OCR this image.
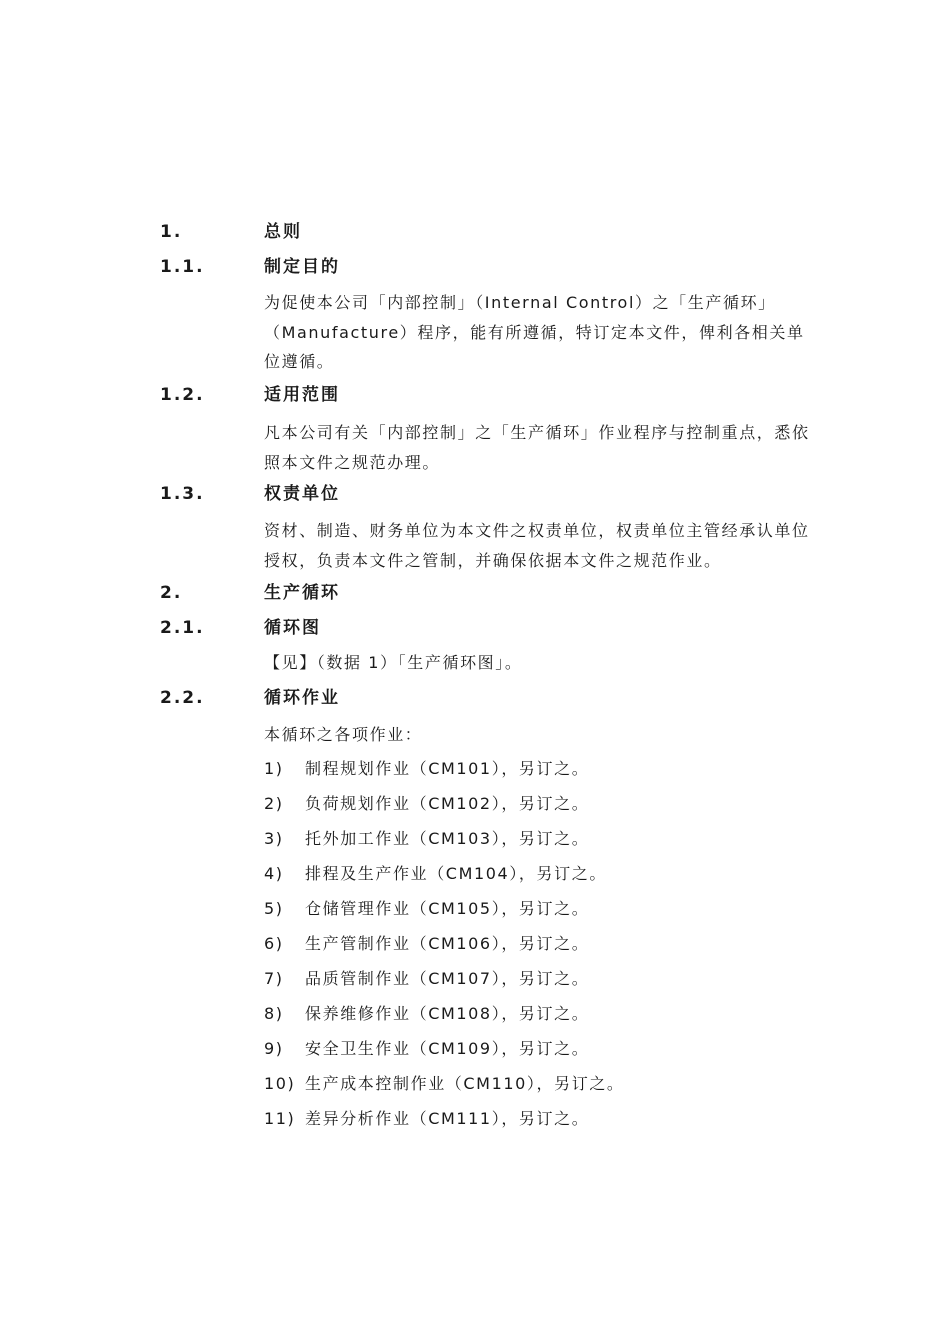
1.	总则
1.1.	制定目的
为促使本公司「内部控制」（Internal Control）之「生产循环」
（Manufacture）程序，能有所遵循，特订定本文件，俾利各相关单
位遵循。
1.2.	适用范围
凡本公司有关「内部控制」之「生产循环」作业程序与控制重点，悉依
照本文件之规范办理。
1.3.	权责单位
资材、制造、财务单位为本文件之权责单位，权责单位主管经承认单位
授权，负责本文件之管制，并确保依据本文件之规范作业。
2.	生产循环
2.1.	循环图
【见】（数据 1）「生产循环图」。
2.2.	循环作业
本循环之各项作业：
1) 制程规划作业（CM101），另订之。
2) 负荷规划作业（CM102），另订之。
3) 托外加工作业（CM103），另订之。
4) 排程及生产作业（CM104），另订之。
5) 仓储管理作业（CM105），另订之。
6) 生产管制作业（CM106），另订之。
7) 品质管制作业（CM107），另订之。
8) 保养维修作业（CM108），另订之。
9) 安全卫生作业（CM109），另订之。
10) 生产成本控制作业（CM110），另订之。
11) 差异分析作业（CM111），另订之。
